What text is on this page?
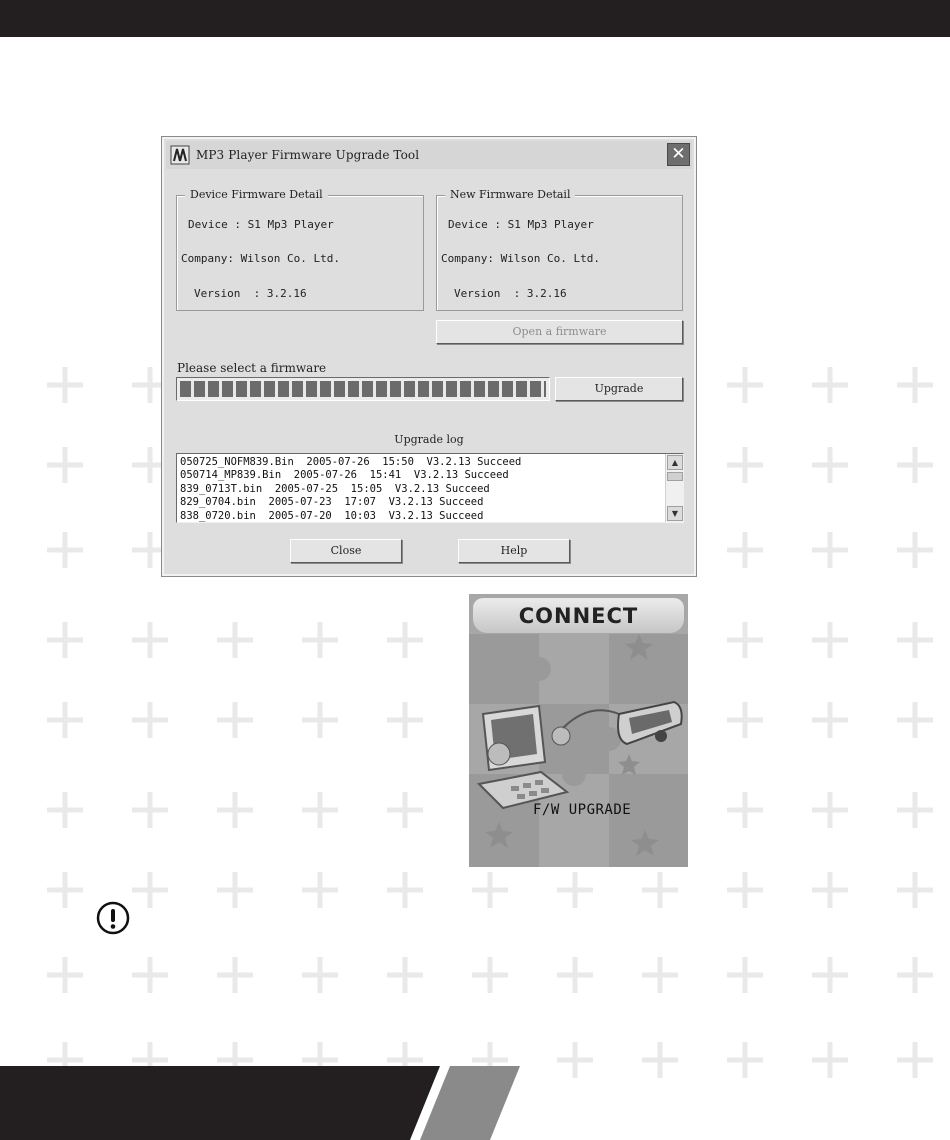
MP3 Player Firmware Upgrade Tool	✕
Device Firmware Detail
Device : S1 Mp3 Player
Company: Wilson Co. Ltd.
Version  : 3.2.16
New Firmware Detail
Device : S1 Mp3 Player
Company: Wilson Co. Ltd.
Version  : 3.2.16
Open a firmware
Please select a firmware
Upgrade
Upgrade log
050725_NOFM839.Bin  2005-07-26  15:50  V3.2.13 Succeed
050714_MP839.Bin  2005-07-26  15:41  V3.2.13 Succeed
839_0713T.bin  2005-07-25  15:05  V3.2.13 Succeed
829_0704.bin  2005-07-23  17:07  V3.2.13 Succeed
838_0720.bin  2005-07-20  10:03  V3.2.13 Succeed
▲
▼
Close	Help
CONNECT
F/W UPGRADE
